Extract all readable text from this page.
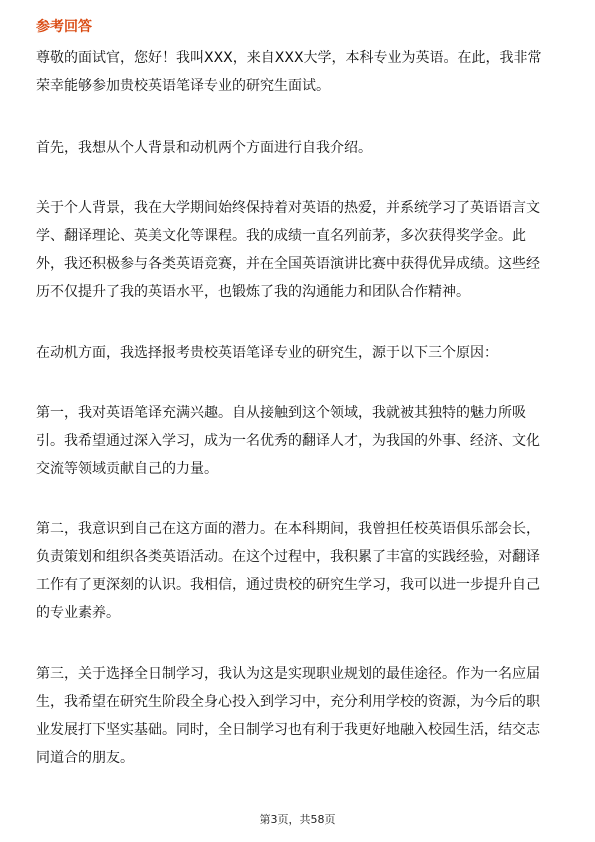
参考回答
尊敬的面试官，您好！我叫XXX，来自XXX大学，本科专业为英语。在此，我非常
荣幸能够参加贵校英语笔译专业的研究生面试。
首先，我想从个人背景和动机两个方面进行自我介绍。
关于个人背景，我在大学期间始终保持着对英语的热爱，并系统学习了英语语言文
学、翻译理论、英美文化等课程。我的成绩一直名列前茅，多次获得奖学金。此
外，我还积极参与各类英语竞赛，并在全国英语演讲比赛中获得优异成绩。这些经
历不仅提升了我的英语水平，也锻炼了我的沟通能力和团队合作精神。
在动机方面，我选择报考贵校英语笔译专业的研究生，源于以下三个原因：
第一，我对英语笔译充满兴趣。自从接触到这个领域，我就被其独特的魅力所吸
引。我希望通过深入学习，成为一名优秀的翻译人才，为我国的外事、经济、文化
交流等领域贡献自己的力量。
第二，我意识到自己在这方面的潜力。在本科期间，我曾担任校英语俱乐部会长，
负责策划和组织各类英语活动。在这个过程中，我积累了丰富的实践经验，对翻译
工作有了更深刻的认识。我相信，通过贵校的研究生学习，我可以进一步提升自己
的专业素养。
第三，关于选择全日制学习，我认为这是实现职业规划的最佳途径。作为一名应届
生，我希望在研究生阶段全身心投入到学习中，充分利用学校的资源，为今后的职
业发展打下坚实基础。同时，全日制学习也有利于我更好地融入校园生活，结交志
同道合的朋友。
第3页，共58页
